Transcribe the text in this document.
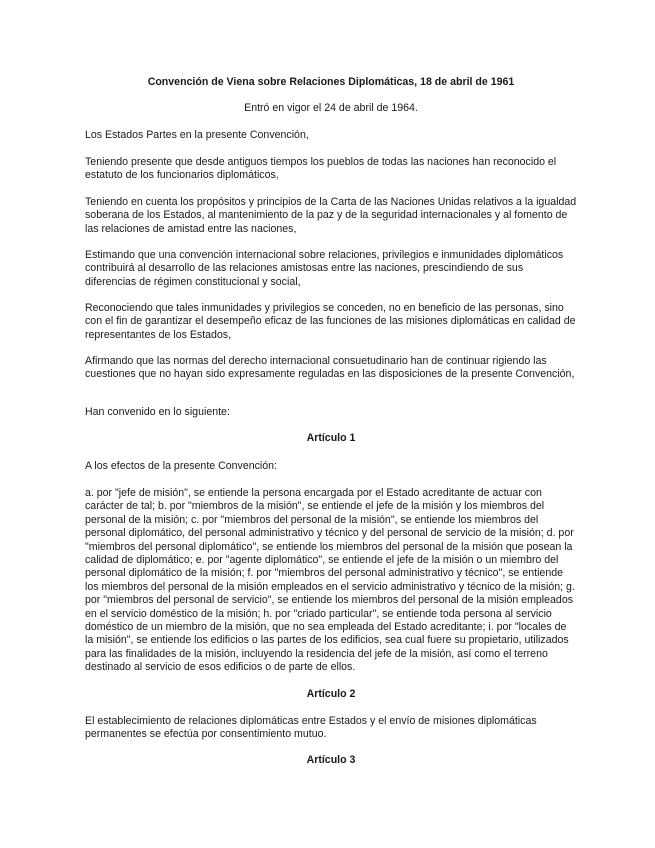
Convención de Viena sobre Relaciones Diplomáticas, 18 de abril de 1961

Entró en vigor el 24 de abril de 1964.

Los Estados Partes en la presente Convención,

Teniendo presente que desde antiguos tiempos los pueblos de todas las naciones han reconocido el estatuto de los funcionarios diplomáticos,

Teniendo en cuenta los propósitos y principios de la Carta de las Naciones Unidas relativos a la igualdad soberana de los Estados, al mantenimiento de la paz y de la seguridad internacionales y al fomento de las relaciones de amistad entre las naciones,

Estimando que una convención internacional sobre relaciones, privilegios e inmunidades diplomáticos contribuirá al desarrollo de las relaciones amistosas entre las naciones, prescindiendo de sus diferencias de régimen constitucional y social,

Reconociendo que tales inmunidades y privilegios se conceden, no en beneficio de las personas, sino con el fin de garantizar el desempeño eficaz de las funciones de las misiones diplomáticas en calidad de representantes de los Estados,

Afirmando que las normas del derecho internacional consuetudinario han de continuar rigiendo las cuestiones que no hayan sido expresamente reguladas en las disposiciones de la presente Convención,

Han convenido en lo siguiente:

Artículo 1

A los efectos de la presente Convención:

a. por "jefe de misión", se entiende la persona encargada por el Estado acreditante de actuar con carácter de tal; b. por "miembros de la misión", se entiende el jefe de la misión y los miembros del personal de la misión; c. por "miembros del personal de la misión", se entiende los miembros del personal diplomático, del personal administrativo y técnico y del personal de servicio de la misión; d. por "miembros del personal diplomático", se entiende los miembros del personal de la misión que posean la calidad de diplomático; e. por "agente diplomático", se entiende el jefe de la misión o un miembro del personal diplomático de la misión; f. por "miembros del personal administrativo y técnico", se entiende los miembros del personal de la misión empleados en el servicio administrativo y técnico de la misión; g. por "miembros del personal de servicio", se entiende los miembros del personal de la misión empleados en el servicio doméstico de la misión; h. por "criado particular", se entiende toda persona al servicio doméstico de un miembro de la misión, que no sea empleada del Estado acreditante; i. por "locales de la misión", se entiende los edificios o las partes de los edificios, sea cual fuere su propietario, utilizados para las finalidades de la misión, incluyendo la residencia del jefe de la misión, así como el terreno destinado al servicio de esos edificios o de parte de ellos.

Artículo 2

El establecimiento de relaciones diplomáticas entre Estados y el envío de misiones diplomáticas permanentes se efectúa por consentimiento mutuo.

Artículo 3
